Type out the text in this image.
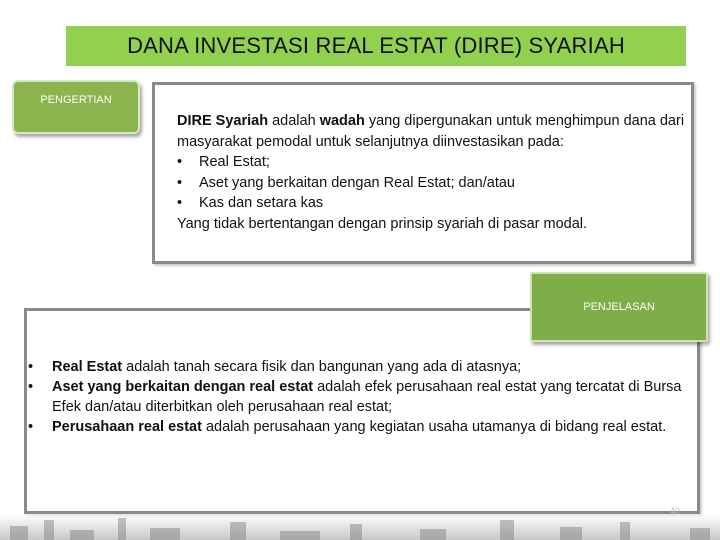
DANA INVESTASI REAL ESTAT (DIRE) SYARIAH
PENGERTIAN
DIRE Syariah adalah wadah yang dipergunakan untuk menghimpun dana dari masyarakat pemodal untuk selanjutnya diinvestasikan pada:
• Real Estat;
• Aset yang berkaitan dengan Real Estat; dan/atau
• Kas dan setara kas
Yang tidak bertentangan dengan prinsip syariah di pasar modal.
PENJELASAN
•	Real Estat adalah tanah secara fisik dan bangunan yang ada di atasnya;
•	Aset yang berkaitan dengan real estat adalah efek perusahaan real estat yang tercatat di Bursa Efek dan/atau diterbitkan oleh perusahaan real estat;
•	Perusahaan real estat adalah perusahaan yang kegiatan usaha utamanya di bidang real estat.
40
